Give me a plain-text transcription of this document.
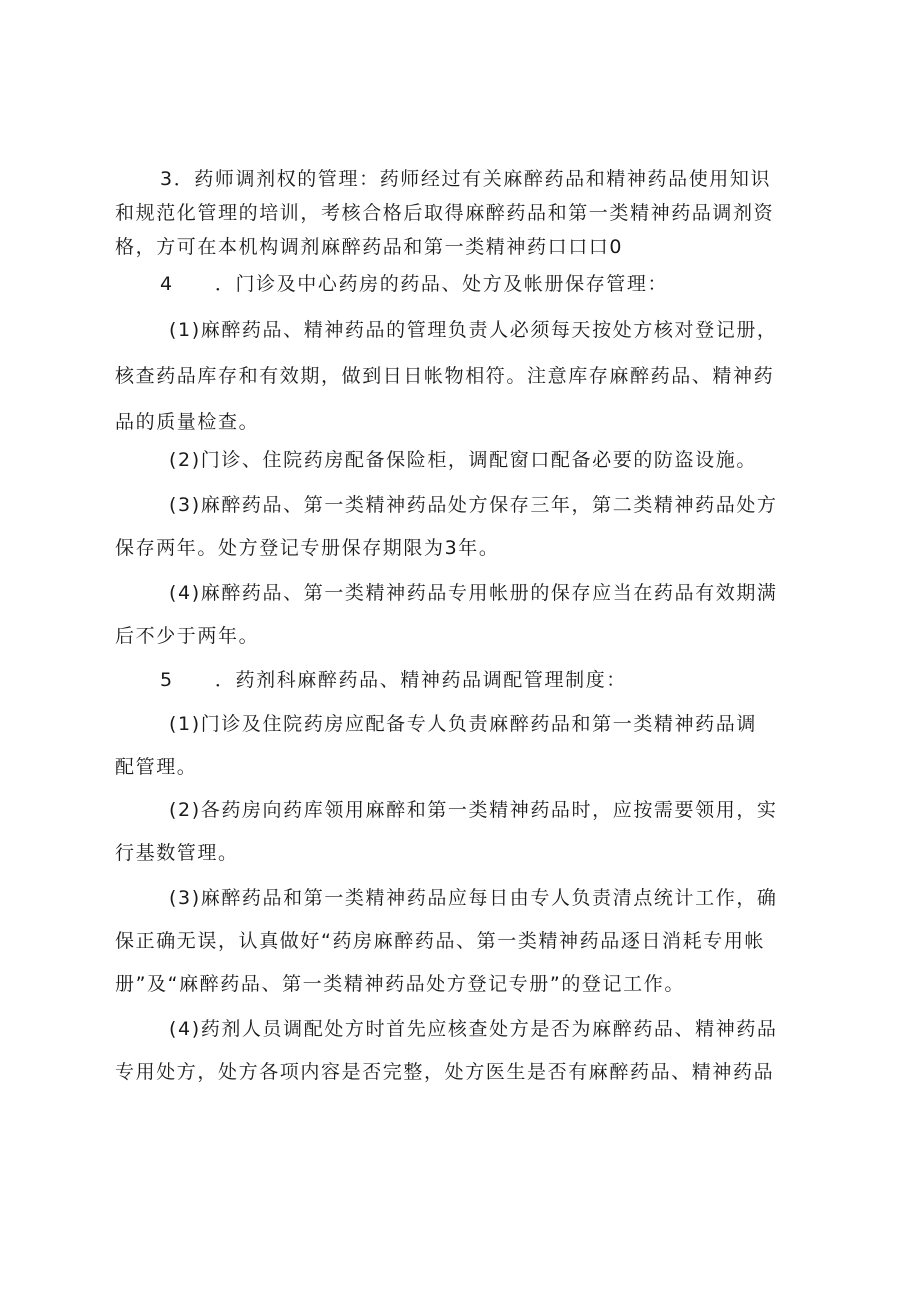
3．药师调剂权的管理：药师经过有关麻醉药品和精神药品使用知识
和规范化管理的培训，考核合格后取得麻醉药品和第一类精神药品调剂资
格，方可在本机构调剂麻醉药品和第一类精神药口口口0
4　　．门诊及中心药房的药品、处方及帐册保存管理：
(1)麻醉药品、精神药品的管理负责人必须每天按处方核对登记册，
核查药品库存和有效期，做到日日帐物相符。注意库存麻醉药品、精神药
品的质量检查。
(2)门诊、住院药房配备保险柜，调配窗口配备必要的防盗设施。
(3)麻醉药品、第一类精神药品处方保存三年，第二类精神药品处方
保存两年。处方登记专册保存期限为3年。
(4)麻醉药品、第一类精神药品专用帐册的保存应当在药品有效期满
后不少于两年。
5　　．药剂科麻醉药品、精神药品调配管理制度：
(1)门诊及住院药房应配备专人负责麻醉药品和第一类精神药品调
配管理。
(2)各药房向药库领用麻醉和第一类精神药品时，应按需要领用，实
行基数管理。
(3)麻醉药品和第一类精神药品应每日由专人负责清点统计工作，确
保正确无误，认真做好“药房麻醉药品、第一类精神药品逐日消耗专用帐
册”及“麻醉药品、第一类精神药品处方登记专册”的登记工作。
(4)药剂人员调配处方时首先应核查处方是否为麻醉药品、精神药品
专用处方，处方各项内容是否完整，处方医生是否有麻醉药品、精神药品
